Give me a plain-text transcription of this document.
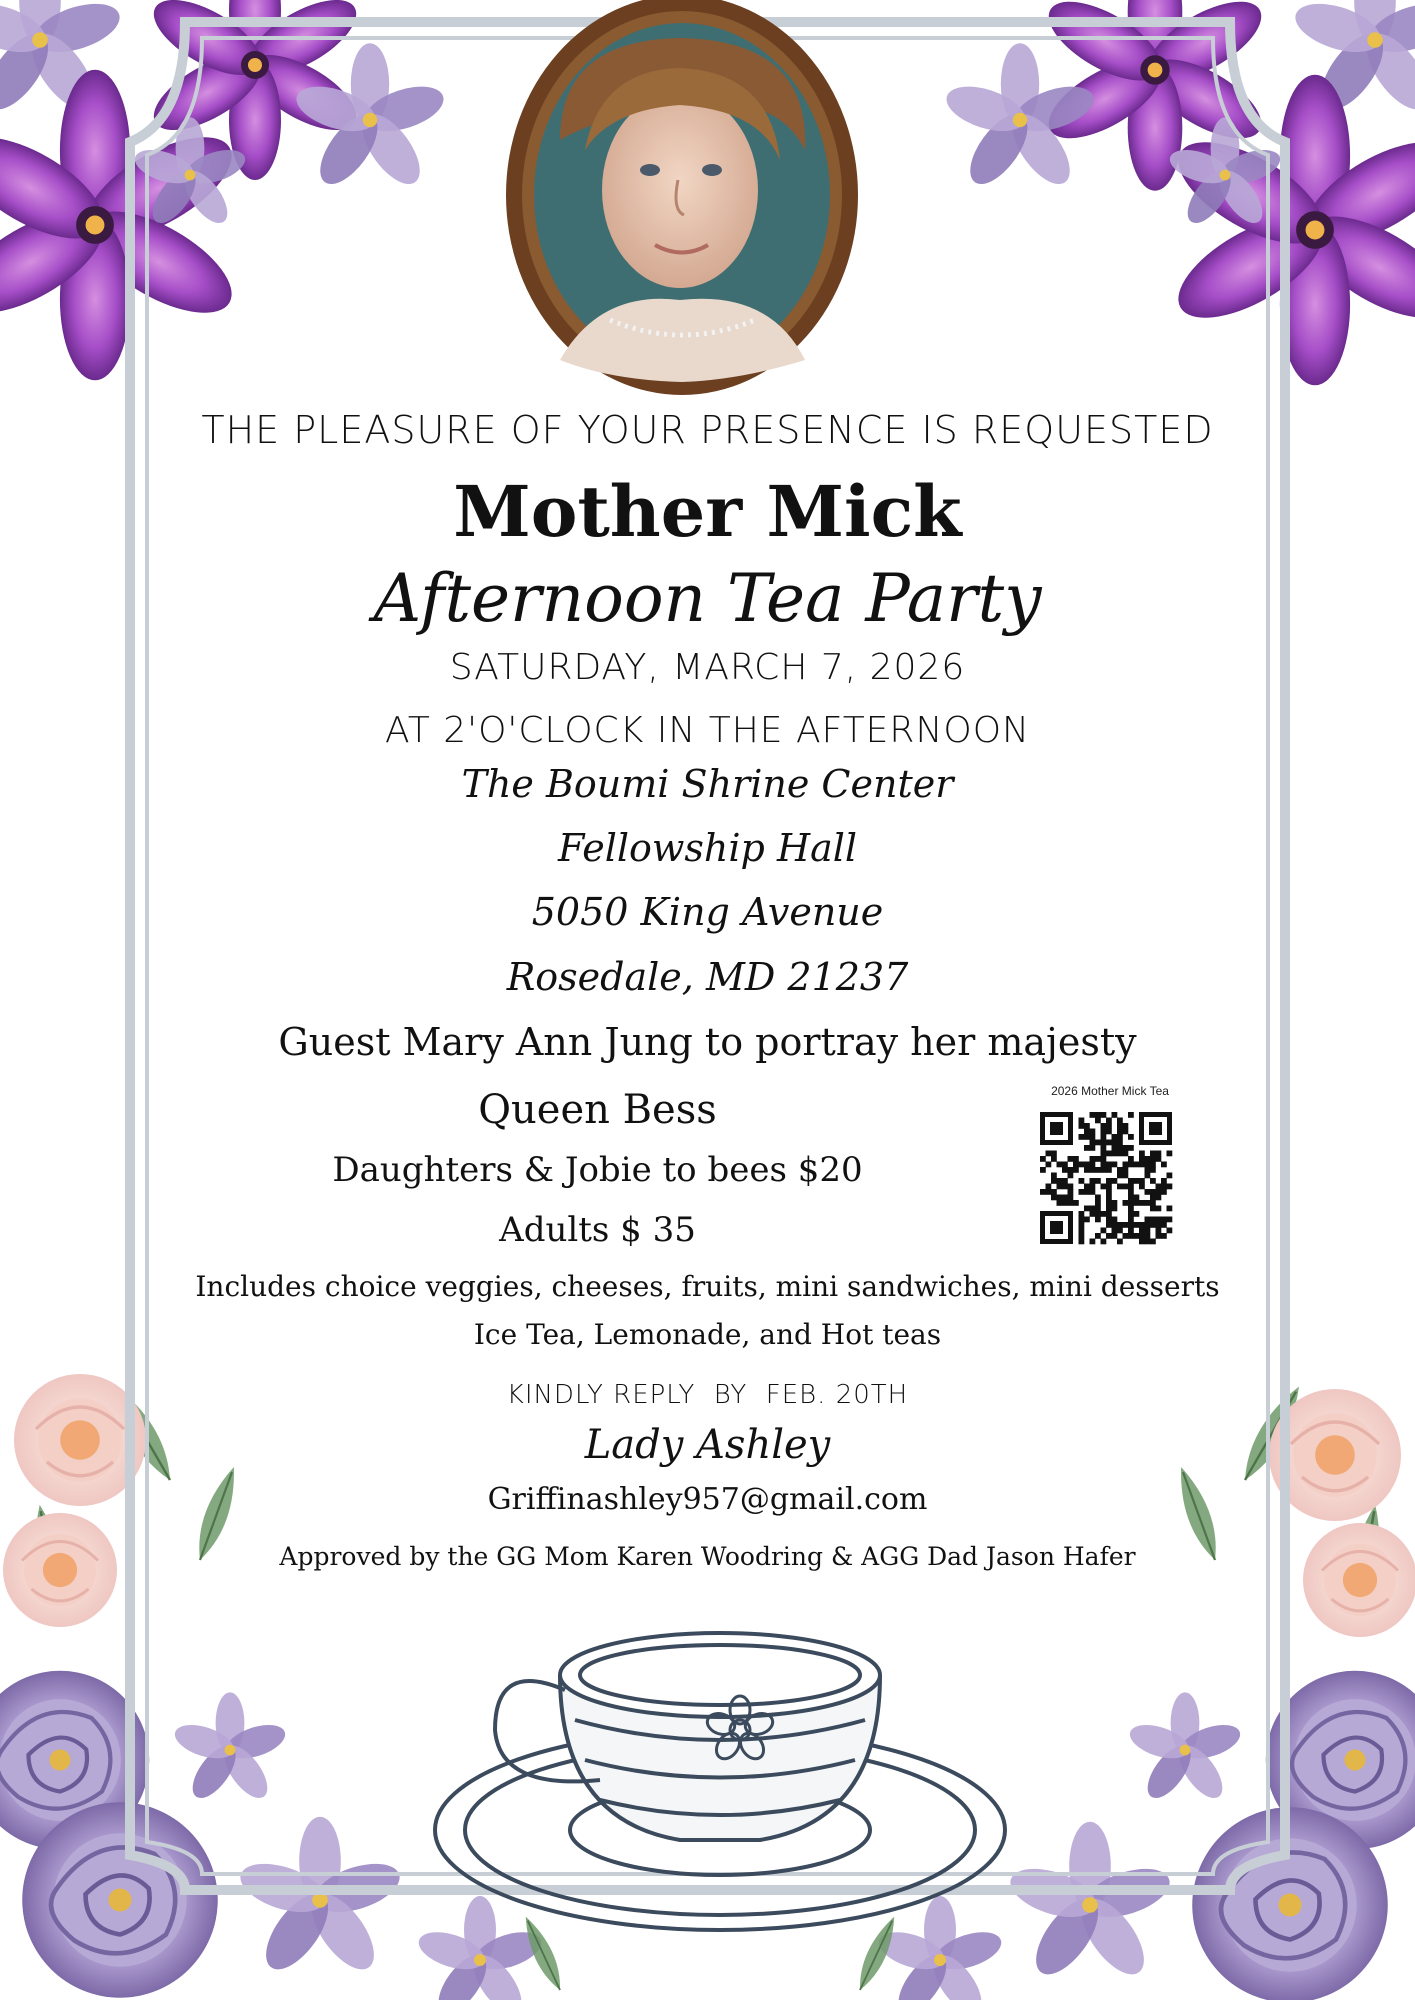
THE PLEASURE OF YOUR PRESENCE IS REQUESTED

Mother Mick

Afternoon Tea Party

SATURDAY, MARCH 7, 2026

AT 2'O'CLOCK IN THE AFTERNOON

The Boumi Shrine Center

Fellowship Hall

5050 King Avenue

Rosedale, MD 21237

Guest Mary Ann Jung to portray her majesty

Queen Bess

Daughters & Jobie to bees $20

Adults $ 35

Includes choice veggies, cheeses, fruits, mini sandwiches, mini desserts

Ice Tea, Lemonade, and Hot teas

KINDLY REPLY  BY  FEB. 20TH

Lady Ashley

Griffinashley957@gmail.com

Approved by the GG Mom Karen Woodring & AGG Dad Jason Hafer

2026 Mother Mick Tea
